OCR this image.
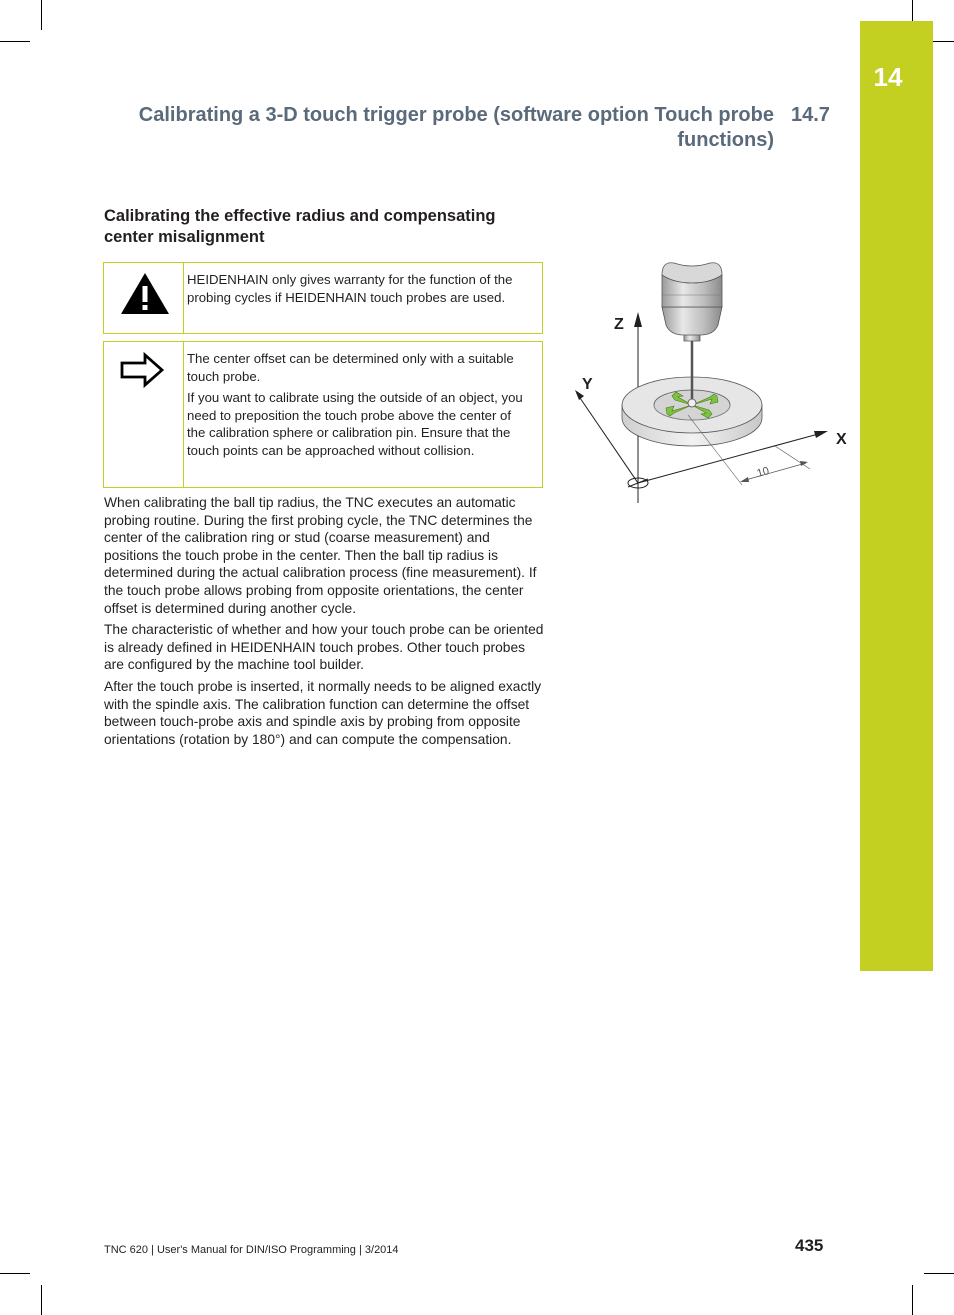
14
Calibrating a 3-D touch trigger probe (software option Touch probe functions)
14.7
Calibrating the effective radius and compensating center misalignment
HEIDENHAIN only gives warranty for the function of the probing cycles if HEIDENHAIN touch probes are used.

The center offset can be determined only with a suitable touch probe.

If you want to calibrate using the outside of an object, you need to preposition the touch probe above the center of the calibration sphere or calibration pin. Ensure that the touch points can be approached without collision.

When calibrating the ball tip radius, the TNC executes an automatic probing routine. During the first probing cycle, the TNC determines the center of the calibration ring or stud (coarse measurement) and positions the touch probe in the center. Then the ball tip radius is determined during the actual calibration process (fine measurement). If the touch probe allows probing from opposite orientations, the center offset is determined during another cycle.

The characteristic of whether and how your touch probe can be oriented is already defined in HEIDENHAIN touch probes. Other touch probes are configured by the machine tool builder.

After the touch probe is inserted, it normally needs to be aligned exactly with the spindle axis. The calibration function can determine the offset between touch-probe axis and spindle axis by probing from opposite orientations (rotation by 180°) and can compute the compensation.

Z
Y
X
10
TNC 620 | User's Manual for DIN/ISO Programming | 3/2014	435
